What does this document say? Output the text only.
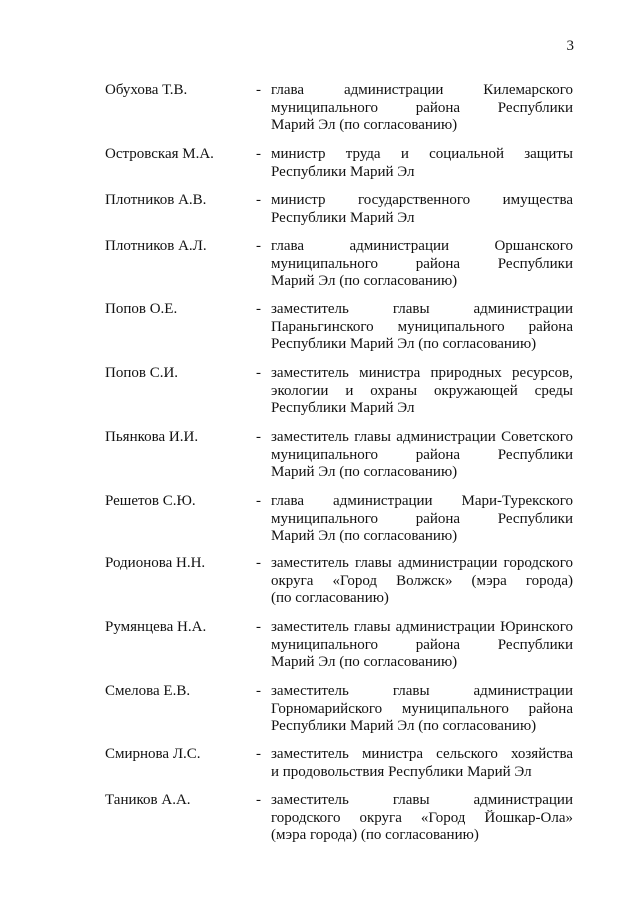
3
Обухова Т.В.	- глава администрации Килемарского
муниципального района Республики
Марий Эл (по согласованию)
Островская М.А.	- министр труда и социальной защиты
Республики Марий Эл
Плотников А.В.	- министр государственного имущества
Республики Марий Эл
Плотников А.Л.	- глава администрации Оршанского
муниципального района Республики
Марий Эл (по согласованию)
Попов О.Е.	- заместитель главы администрации
Параньгинского муниципального района
Республики Марий Эл (по согласованию)
Попов С.И.	- заместитель министра природных ресурсов,
экологии и охраны окружающей среды
Республики Марий Эл
Пьянкова И.И.	- заместитель главы администрации Советского
муниципального района Республики
Марий Эл (по согласованию)
Решетов С.Ю.	- глава администрации Мари-Турекского
муниципального района Республики
Марий Эл (по согласованию)
Родионова Н.Н.	- заместитель главы администрации городского
округа «Город Волжск» (мэра города)
(по согласованию)
Румянцева Н.А.	- заместитель главы администрации Юринского
муниципального района Республики
Марий Эл (по согласованию)
Смелова Е.В.	- заместитель главы администрации
Горномарийского муниципального района
Республики Марий Эл (по согласованию)
Смирнова Л.С.	- заместитель министра сельского хозяйства
и продовольствия Республики Марий Эл
Таников А.А.	- заместитель главы администрации
городского округа «Город Йошкар-Ола»
(мэра города) (по согласованию)
